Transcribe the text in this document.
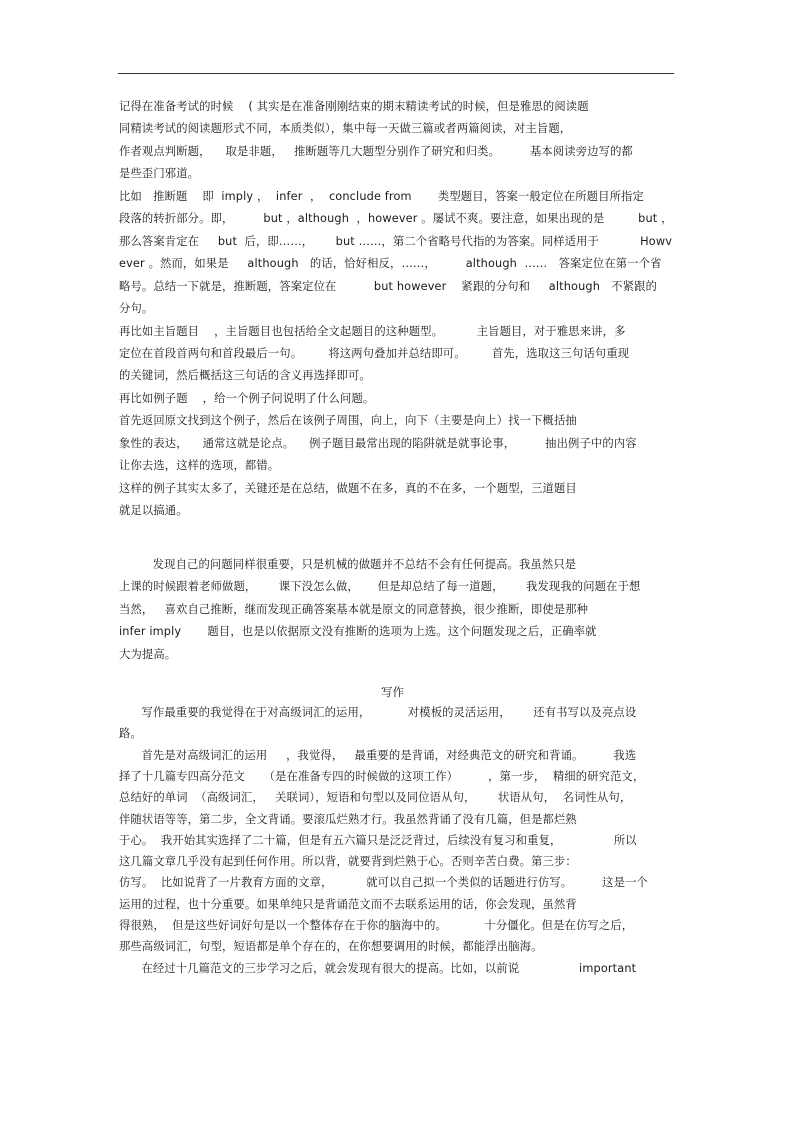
记得在准备考试的时候    ( 其实是在准备刚刚结束的期末精读考试的时候，但是雅思的阅读题
同精读考试的阅读题形式不同，本质类似），集中每一天做三篇或者两篇阅读，对主旨题，
作者观点判断题，    取是非题，   推断题等几大题型分别作了研究和归类。        基本阅读旁边写的都
是些歪门邪道。
比如   推断题    即  imply ，  infer  ，  conclude from       类型题目，答案一般定位在所题目所指定
段落的转折部分。即，        but ，although  ，however 。屡试不爽。要注意，如果出现的是         but ，
那么答案肯定在     but  后，即……，      but ……，第二个省略号代指的为答案。同样适用于           Howv
ever 。然而，如果是     although   的话，恰好相反，……，        although  ……   答案定位在第一个省
略号。总结一下就是，推断题，答案定位在          but however    紧跟的分句和     although   不紧跟的
分句。
再比如主旨题目    ，主旨题目也包括给全文起题目的这种题型。         主旨题目，对于雅思来讲，多
定位在首段首两句和首段最后一句。       将这两句叠加并总结即可。       首先，选取这三句话句重现
的关键词，然后概括这三句话的含义再选择即可。
再比如例子题    ，给一个例子问说明了什么问题。
首先返回原文找到这个例子，然后在该例子周围，向上，向下（主要是向上）找一下概括抽
象性的表达，    通常这就是论点。    例子题目最常出现的陷阱就是就事论事，        抽出例子中的内容
让你去选，这样的选项，都错。
这样的例子其实太多了，关键还是在总结，做题不在多，真的不在多，一个题型，三道题目
就足以搞通。
发现自己的问题同样很重要，只是机械的做题并不总结不会有任何提高。我虽然只是
上课的时候跟着老师做题，      课下没怎么做，     但是却总结了每一道题，      我发现我的问题在于想
当然，   喜欢自己推断，继而发现正确答案基本就是原文的同意替换，很少推断，即使是那种
infer imply       题目，也是以依据原文没有推断的选项为上选。这个问题发现之后，正确率就
大为提高。
写作
写作最重要的我觉得在于对高级词汇的运用，          对模板的灵活运用，      还有书写以及亮点设
路。
首先是对高级词汇的运用     ，我觉得，   最重要的是背诵，对经典范文的研究和背诵。        我选
择了十几篇专四高分范文     （是在准备专四的时候做的这项工作）        ，第一步，  精细的研究范文，
总结好的单词  （高级词汇，   关联词），短语和句型以及同位语从句，      状语从句，  名词性从句，
伴随状语等等，第二步，全文背诵。要滚瓜烂熟才行。我虽然背诵了没有几篇，但是都烂熟
于心。  我开始其实选择了二十篇，但是有五六篇只是泛泛背过，后续没有复习和重复，              所以
这几篇文章几乎没有起到任何作用。所以背，就要背到烂熟于心。否则辛苦白费。第三步：
仿写。  比如说背了一片教育方面的文章，         就可以自己拟一个类似的话题进行仿写。        这是一个
运用的过程，也十分重要。如果单纯只是背诵范文而不去联系运用的话，你会发现，虽然背
得很熟，  但是这些好词好句是以一个整体存在于你的脑海中的。          十分僵化。但是在仿写之后，
那些高级词汇，句型，短语都是单个存在的，在你想要调用的时候，都能浮出脑海。
在经过十几篇范文的三步学习之后，就会发现有很大的提高。比如，以前说                important
